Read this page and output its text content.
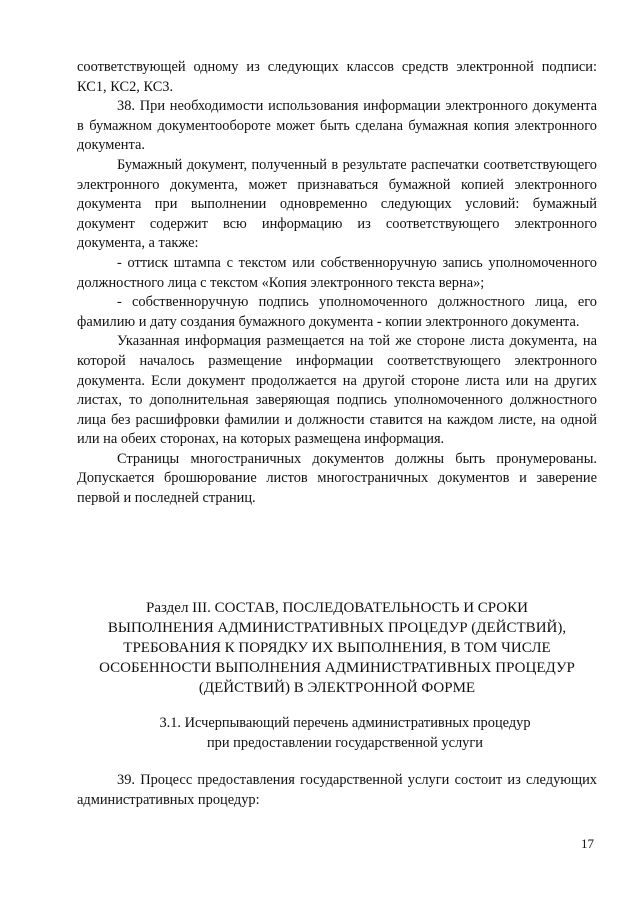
соответствующей одному из следующих классов средств электронной подписи: КС1, КС2, КС3.

38. При необходимости использования информации электронного документа в бумажном документообороте может быть сделана бумажная копия электронного документа.

Бумажный документ, полученный в результате распечатки соответствующего электронного документа, может признаваться бумажной копией электронного документа при выполнении одновременно следующих условий: бумажный документ содержит всю информацию из соответствующего электронного документа, а также:

- оттиск штампа с текстом или собственноручную запись уполномоченного должностного лица с текстом «Копия электронного текста верна»;

- собственноручную подпись уполномоченного должностного лица, его фамилию и дату создания бумажного документа - копии электронного документа.

Указанная информация размещается на той же стороне листа документа, на которой началось размещение информации соответствующего электронного документа. Если документ продолжается на другой стороне листа или на других листах, то дополнительная заверяющая подпись уполномоченного должностного лица без расшифровки фамилии и должности ставится на каждом листе, на одной или на обеих сторонах, на которых размещена информация.

Страницы многостраничных документов должны быть пронумерованы. Допускается брошюрование листов многостраничных документов и заверение первой и последней страниц.

Раздел III. СОСТАВ, ПОСЛЕДОВАТЕЛЬНОСТЬ И СРОКИ
ВЫПОЛНЕНИЯ АДМИНИСТРАТИВНЫХ ПРОЦЕДУР (ДЕЙСТВИЙ),
ТРЕБОВАНИЯ К ПОРЯДКУ ИХ ВЫПОЛНЕНИЯ, В ТОМ ЧИСЛЕ
ОСОБЕННОСТИ ВЫПОЛНЕНИЯ АДМИНИСТРАТИВНЫХ ПРОЦЕДУР
(ДЕЙСТВИЙ) В ЭЛЕКТРОННОЙ ФОРМЕ
3.1. Исчерпывающий перечень административных процедур
при предоставлении государственной услуги

39. Процесс предоставления государственной услуги состоит из следующих административных процедур:

17
